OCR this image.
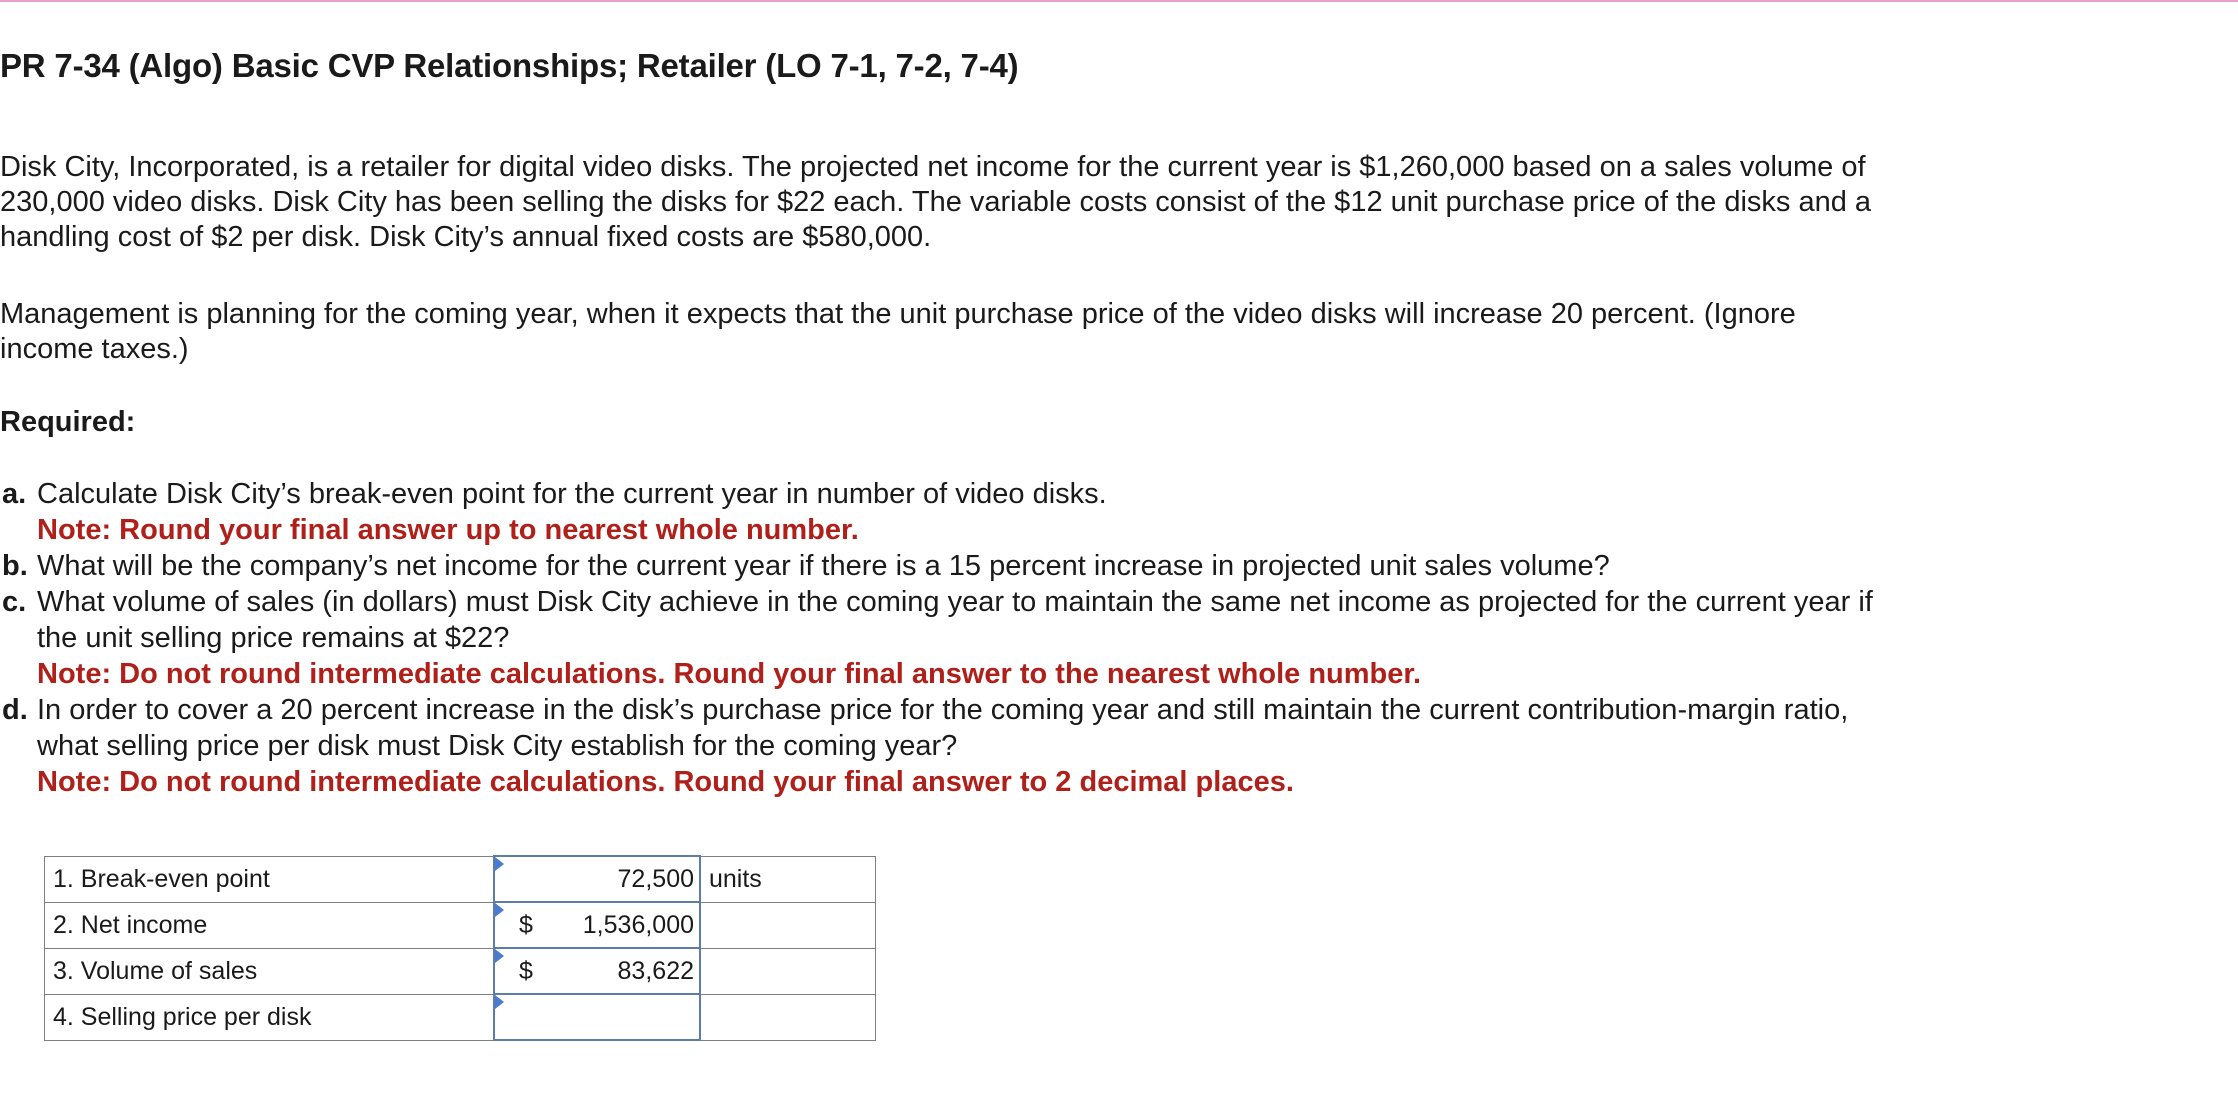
PR 7-34 (Algo) Basic CVP Relationships; Retailer (LO 7-1, 7-2, 7-4)
Disk City, Incorporated, is a retailer for digital video disks. The projected net income for the current year is $1,260,000 based on a sales volume of 230,000 video disks. Disk City has been selling the disks for $22 each. The variable costs consist of the $12 unit purchase price of the disks and a handling cost of $2 per disk. Disk City’s annual fixed costs are $580,000.
Management is planning for the coming year, when it expects that the unit purchase price of the video disks will increase 20 percent. (Ignore income taxes.)
Required:
a. Calculate Disk City’s break-even point for the current year in number of video disks.
Note: Round your final answer up to nearest whole number.
b. What will be the company’s net income for the current year if there is a 15 percent increase in projected unit sales volume?
c. What volume of sales (in dollars) must Disk City achieve in the coming year to maintain the same net income as projected for the current year if the unit selling price remains at $22?
Note: Do not round intermediate calculations. Round your final answer to the nearest whole number.
d. In order to cover a 20 percent increase in the disk’s purchase price for the coming year and still maintain the current contribution-margin ratio, what selling price per disk must Disk City establish for the coming year?
Note: Do not round intermediate calculations. Round your final answer to 2 decimal places.
1. Break-even point	72,500	units
2. Net income	$ 1,536,000	

3. Volume of sales	$ 83,622	

4. Selling price per disk	
